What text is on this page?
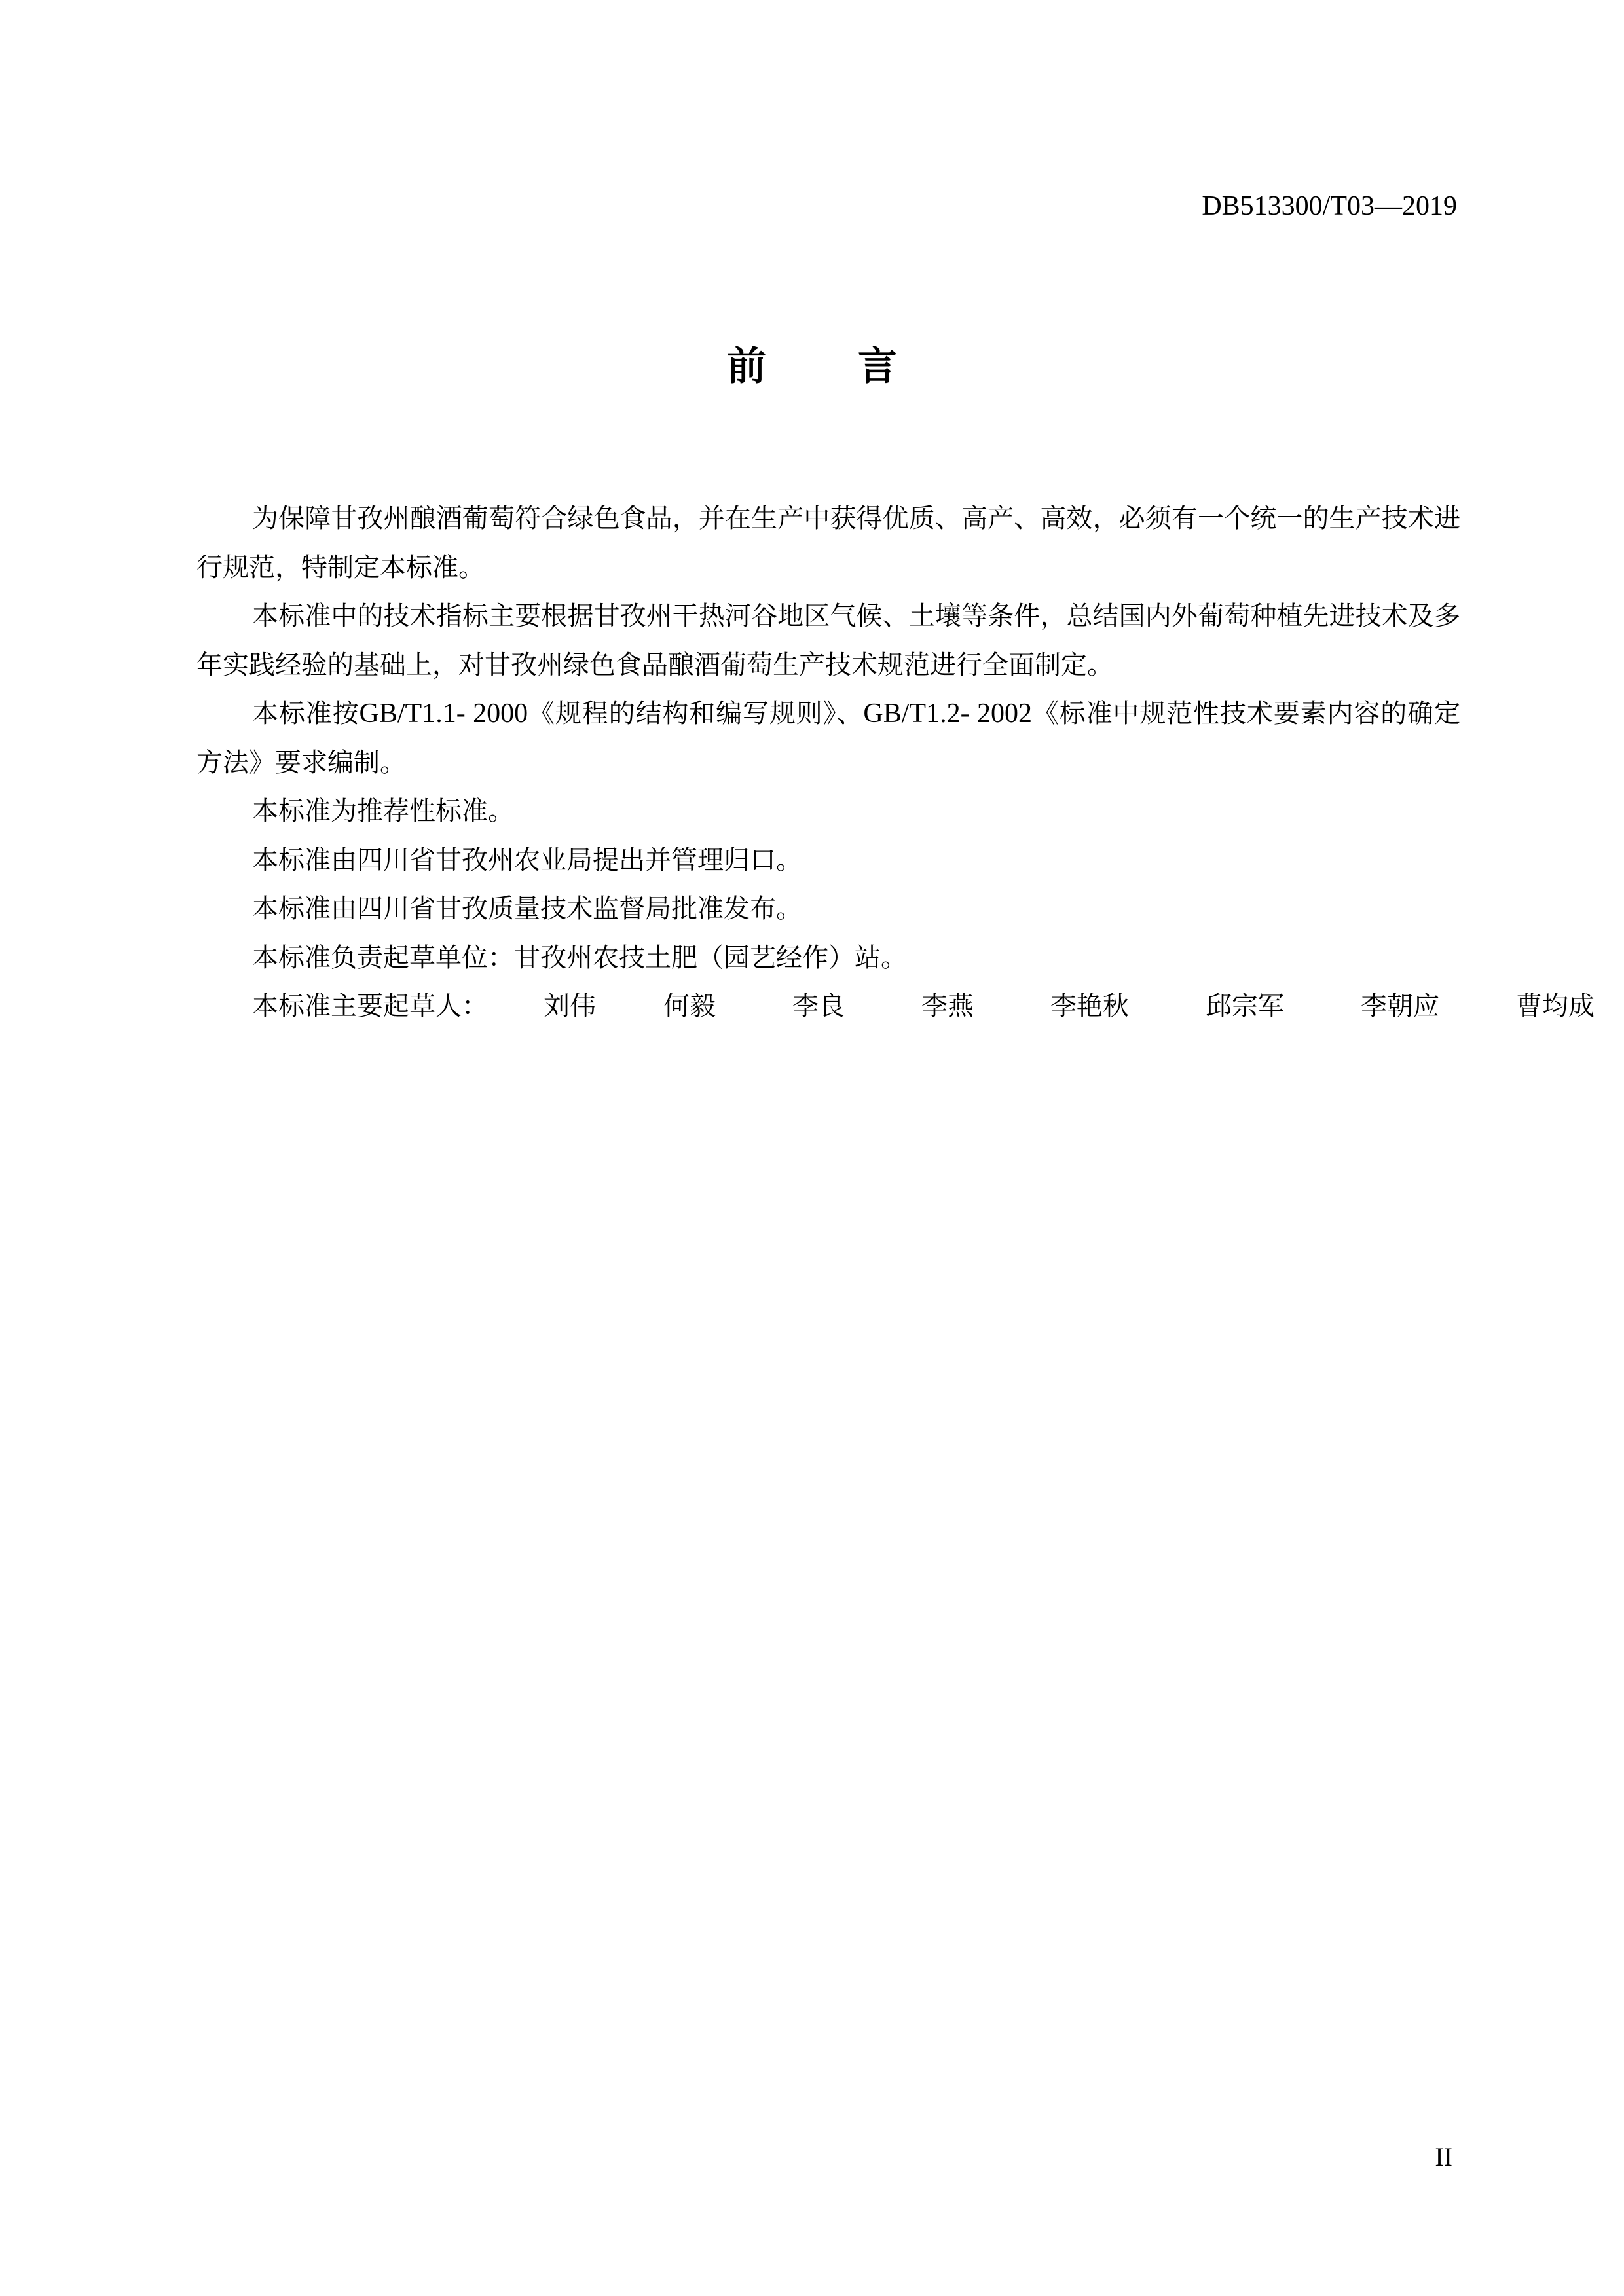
DB513300/T03—2019
前 言

为保障甘孜州酿酒葡萄符合绿色食品，并在生产中获得优质、高产、高效，必须有一个统一的生产技术进行规范，特制定本标准。

本标准中的技术指标主要根据甘孜州干热河谷地区气候、土壤等条件，总结国内外葡萄种植先进技术及多年实践经验的基础上，对甘孜州绿色食品酿酒葡萄生产技术规范进行全面制定。

本标准按GB/T1.1- 2000《规程的结构和编写规则》、GB/T1.2- 2002《标准中规范性技术要素内容的确定方法》要求编制。

本标准为推荐性标准。

本标准由四川省甘孜州农业局提出并管理归口。

本标准由四川省甘孜质量技术监督局批准发布。

本标准负责起草单位：甘孜州农技土肥（园艺经作）站。

本标准主要起草人： 刘伟	何毅	李良	李燕	李艳秋	邱宗军	李朝应	曹均成

II
